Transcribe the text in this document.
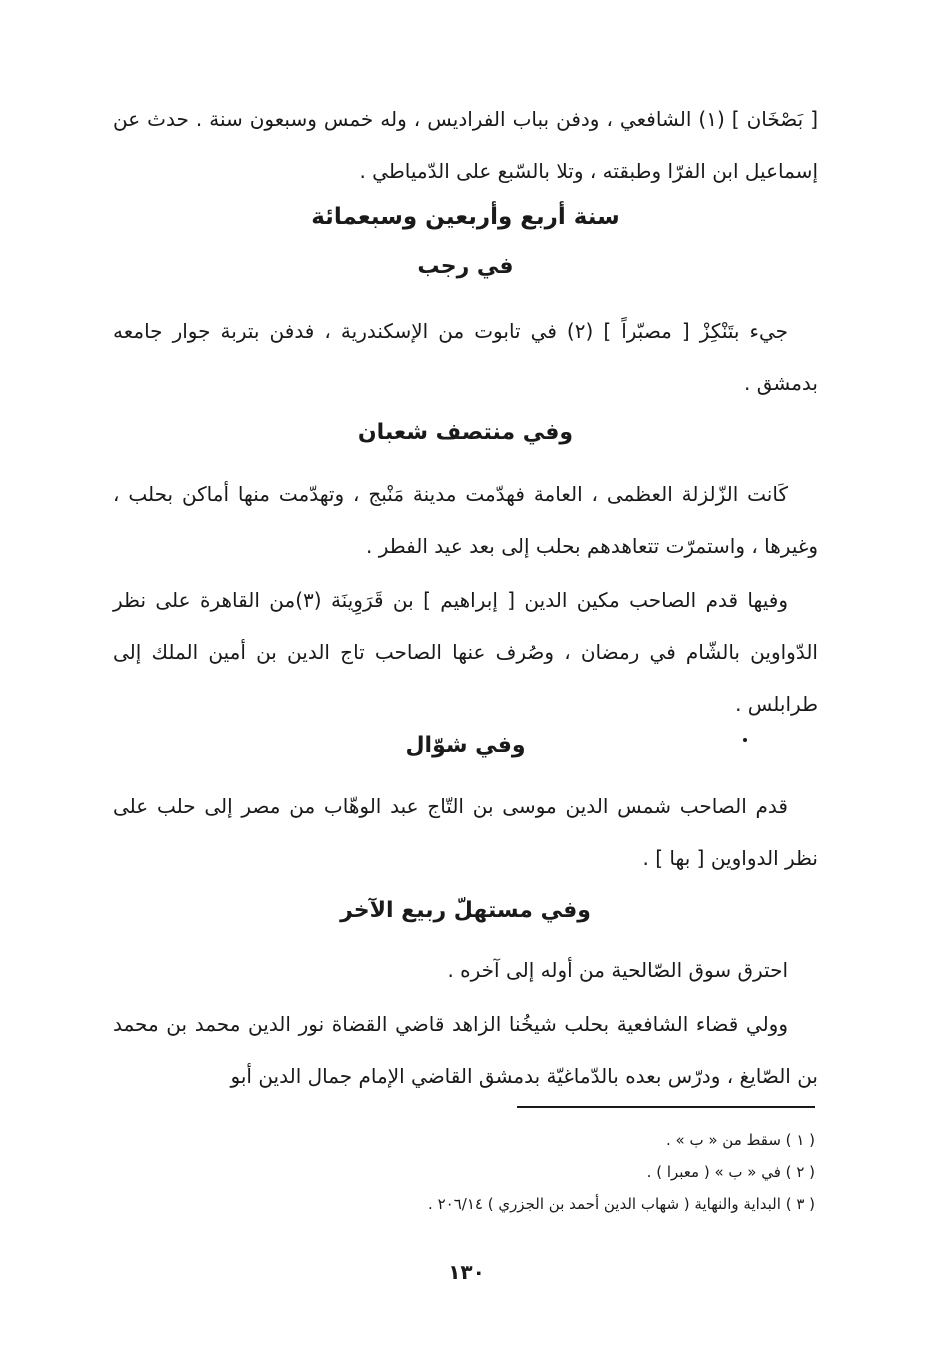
[ بَصْخَان ] (١) الشافعي ، ودفن بباب الفراديس ، وله خمس وسبعون سنة . حدث عن إسماعيل ابن الفرّا وطبقته ، وتلا بالسّبع على الدّمياطي .

سنة أربع وأربعين وسبعمائة
في رجب

جيء بتَنْكِزْ [ مصبّراً ] (٢) في تابوت من الإسكندرية ، فدفن بتربة جوار جامعه بدمشق .

وفي منتصف شعبان

كَانت الزّلزلة العظمى ، العامة فهدّمت مدينة مَنْبج ، وتهدّمت منها أماكن بحلب ، وغيرها ، واستمرّت تتعاهدهم بحلب إلى بعد عيد الفطر .

وفيها قدم الصاحب مكين الدين [ إبراهيم ] بن قَرَوِينَة (٣)من القاهرة على نظر الدّواوين بالشّام في رمضان ، وصُرف عنها الصاحب تاج الدين بن أمين الملك إلى طرابلس .

وفي شوّال

قدم الصاحب شمس الدين موسى بن التّاج عبد الوهّاب من مصر إلى حلب على نظر الدواوين [ بها ] .

وفي مستهلّ ربيع الآخر

احترق سوق الصّالحية من أوله إلى آخره .

وولي قضاء الشافعية بحلب شيخُنا الزاهد قاضي القضاة نور الدين محمد بن محمد بن الصّايغ ، ودرّس بعده بالدّماغيّة بدمشق القاضي الإمام جمال الدين أبو

( ١ ) سقط من « ب » .

( ٢ ) في « ب » ( معبرا ) .

( ٣ ) البداية والنهاية ( شهاب الدين أحمد بن الجزري ) ٢٠٦/١٤ .

١٣٠
